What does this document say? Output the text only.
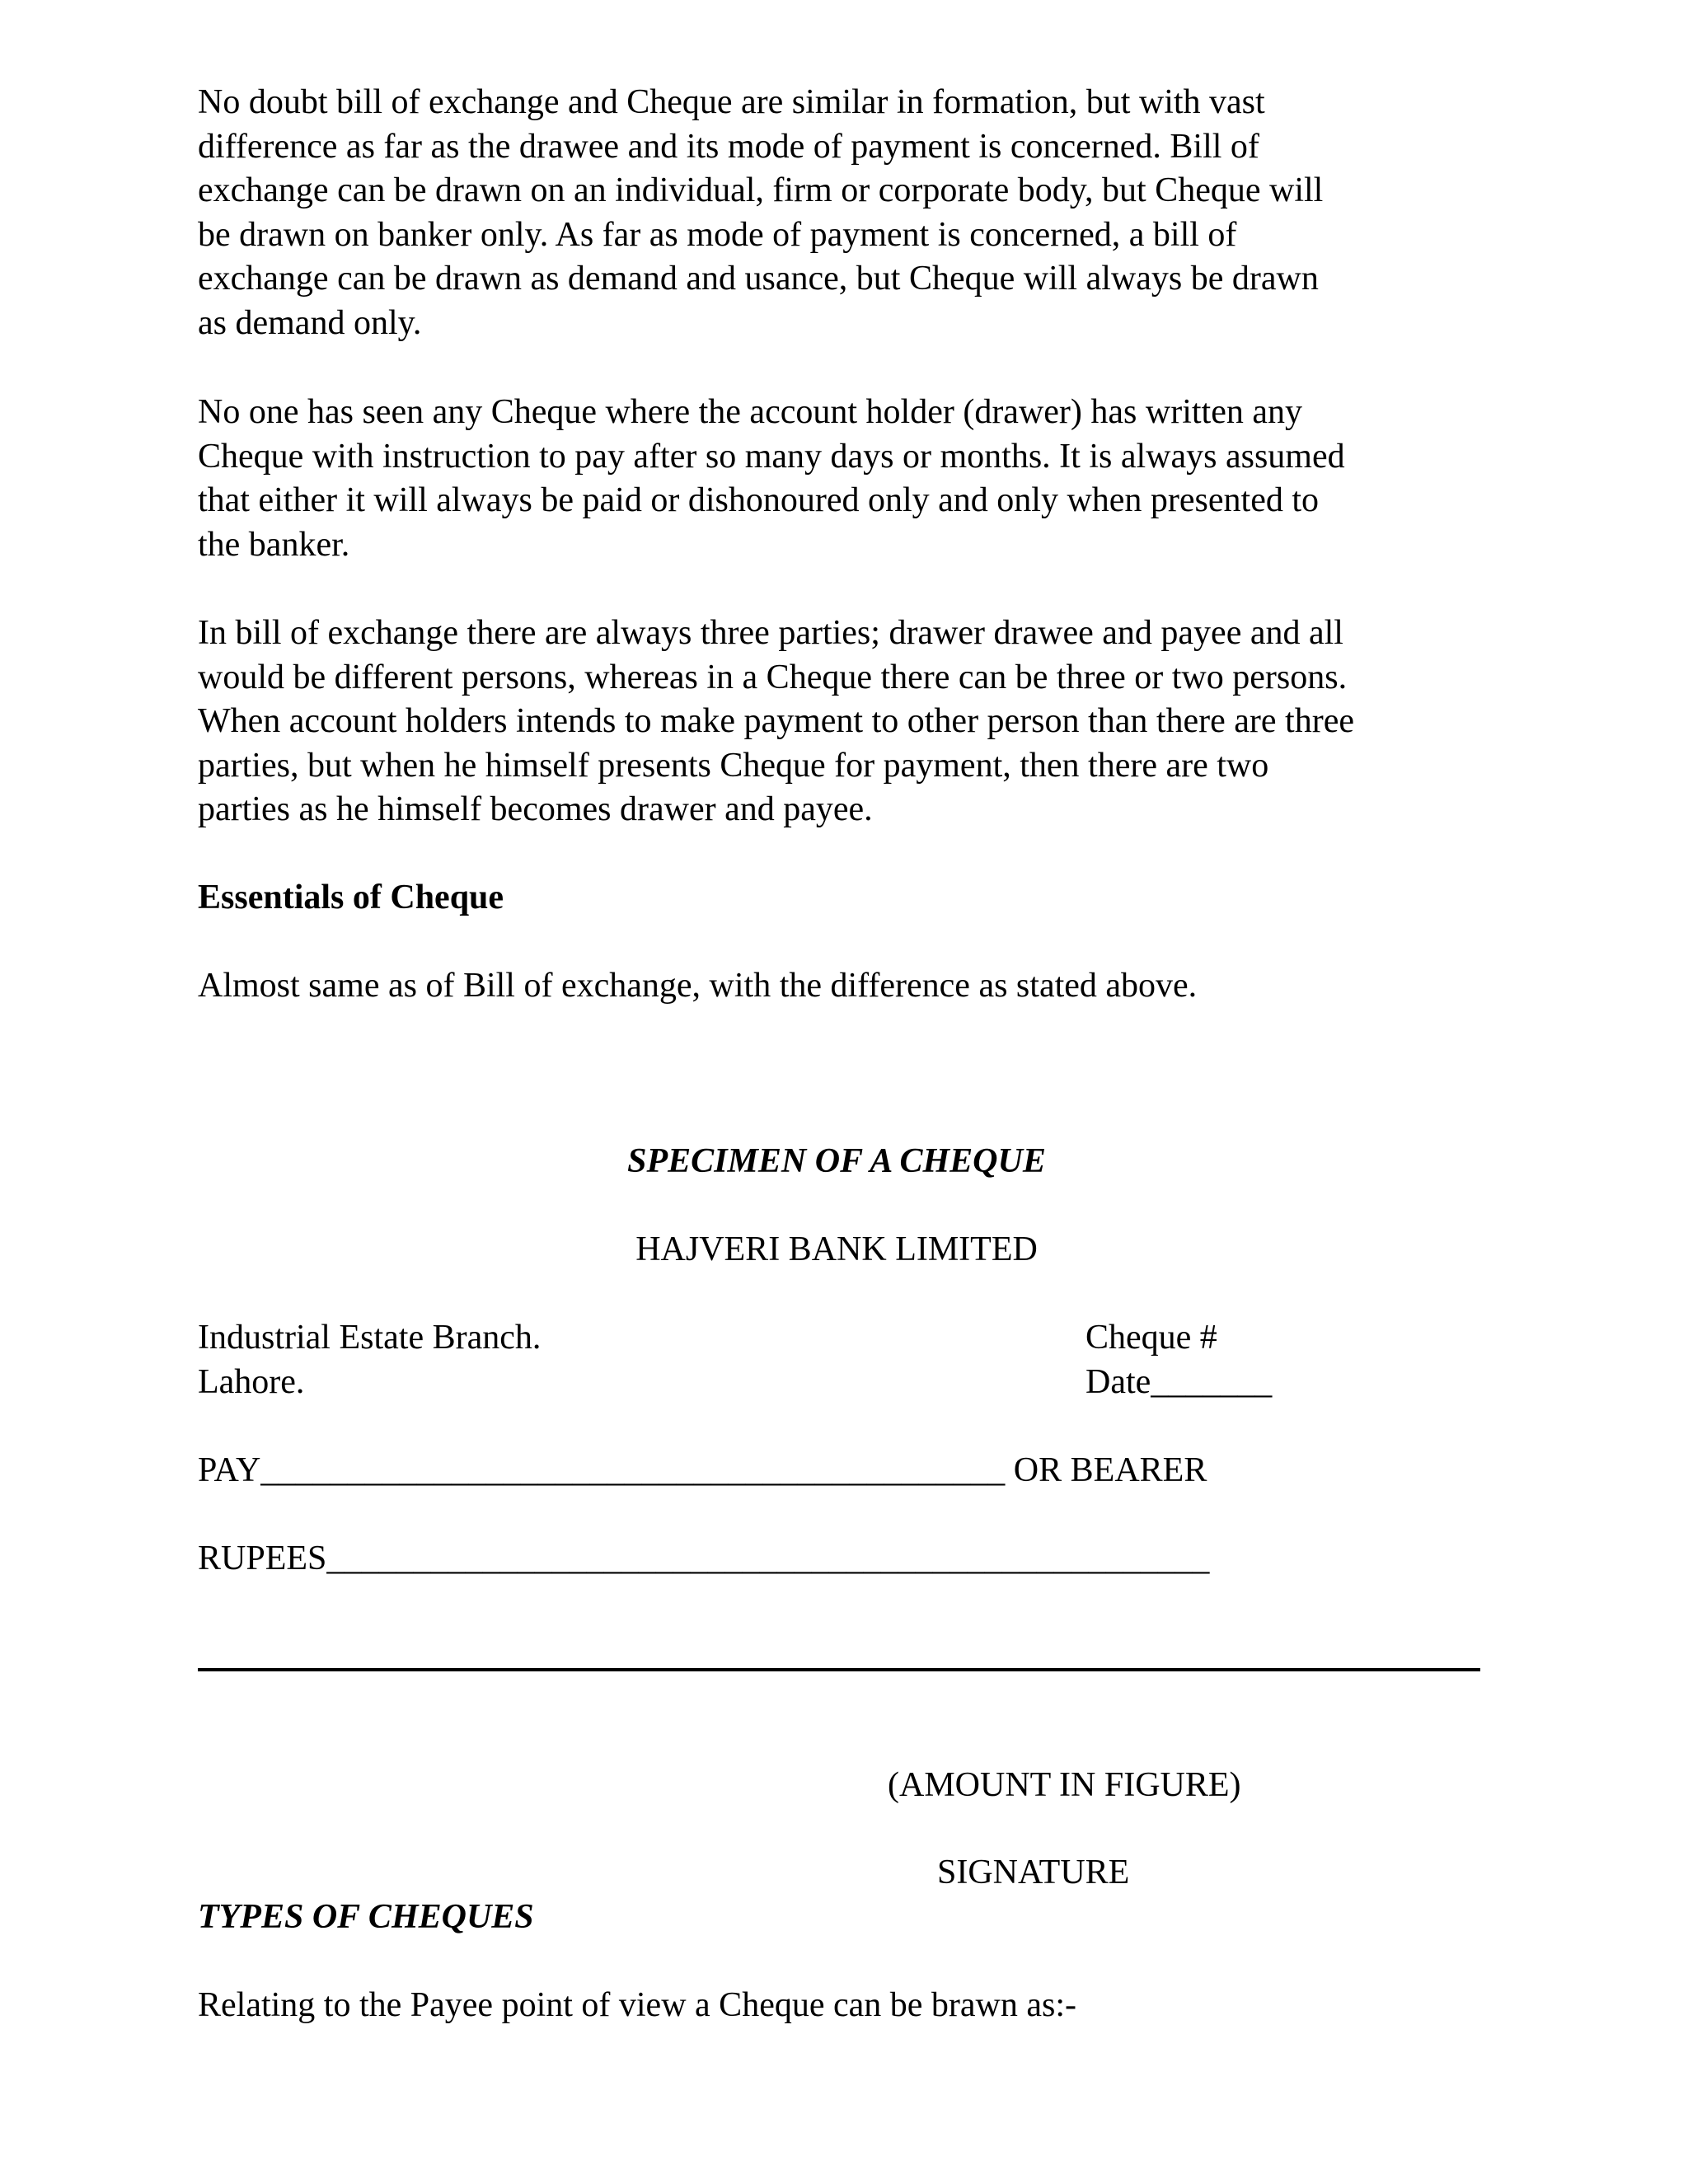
No doubt bill of exchange and Cheque are similar in formation, but with vast
difference as far as the drawee and its mode of payment is concerned. Bill of
exchange can be drawn on an individual, firm or corporate body, but Cheque will
be drawn on banker only. As far as mode of payment is concerned, a bill of
exchange can be drawn as demand and usance, but Cheque will always be drawn
as demand only.

No one has seen any Cheque where the account holder (drawer) has written any
Cheque with instruction to pay after so many days or months. It is always assumed
that either it will always be paid or dishonoured only and only when presented to
the banker.

In bill of exchange there are always three parties; drawer drawee and payee and all
would be different persons, whereas in a Cheque there can be three or two persons.
When account holders intends to make payment to other person than there are three
parties, but when he himself presents Cheque for payment, then there are two
parties as he himself becomes drawer and payee.

Essentials of Cheque

Almost same as of Bill of exchange, with the difference as stated above.

SPECIMEN OF A CHEQUE

HAJVERI BANK LIMITED

Industrial Estate Branch.
Lahore.
Cheque #
Date_______

PAY___________________________________________ OR BEARER

RUPEES___________________________________________________

(AMOUNT IN FIGURE)

SIGNATURE

TYPES OF CHEQUES

Relating to the Payee point of view a Cheque can be brawn as:-
